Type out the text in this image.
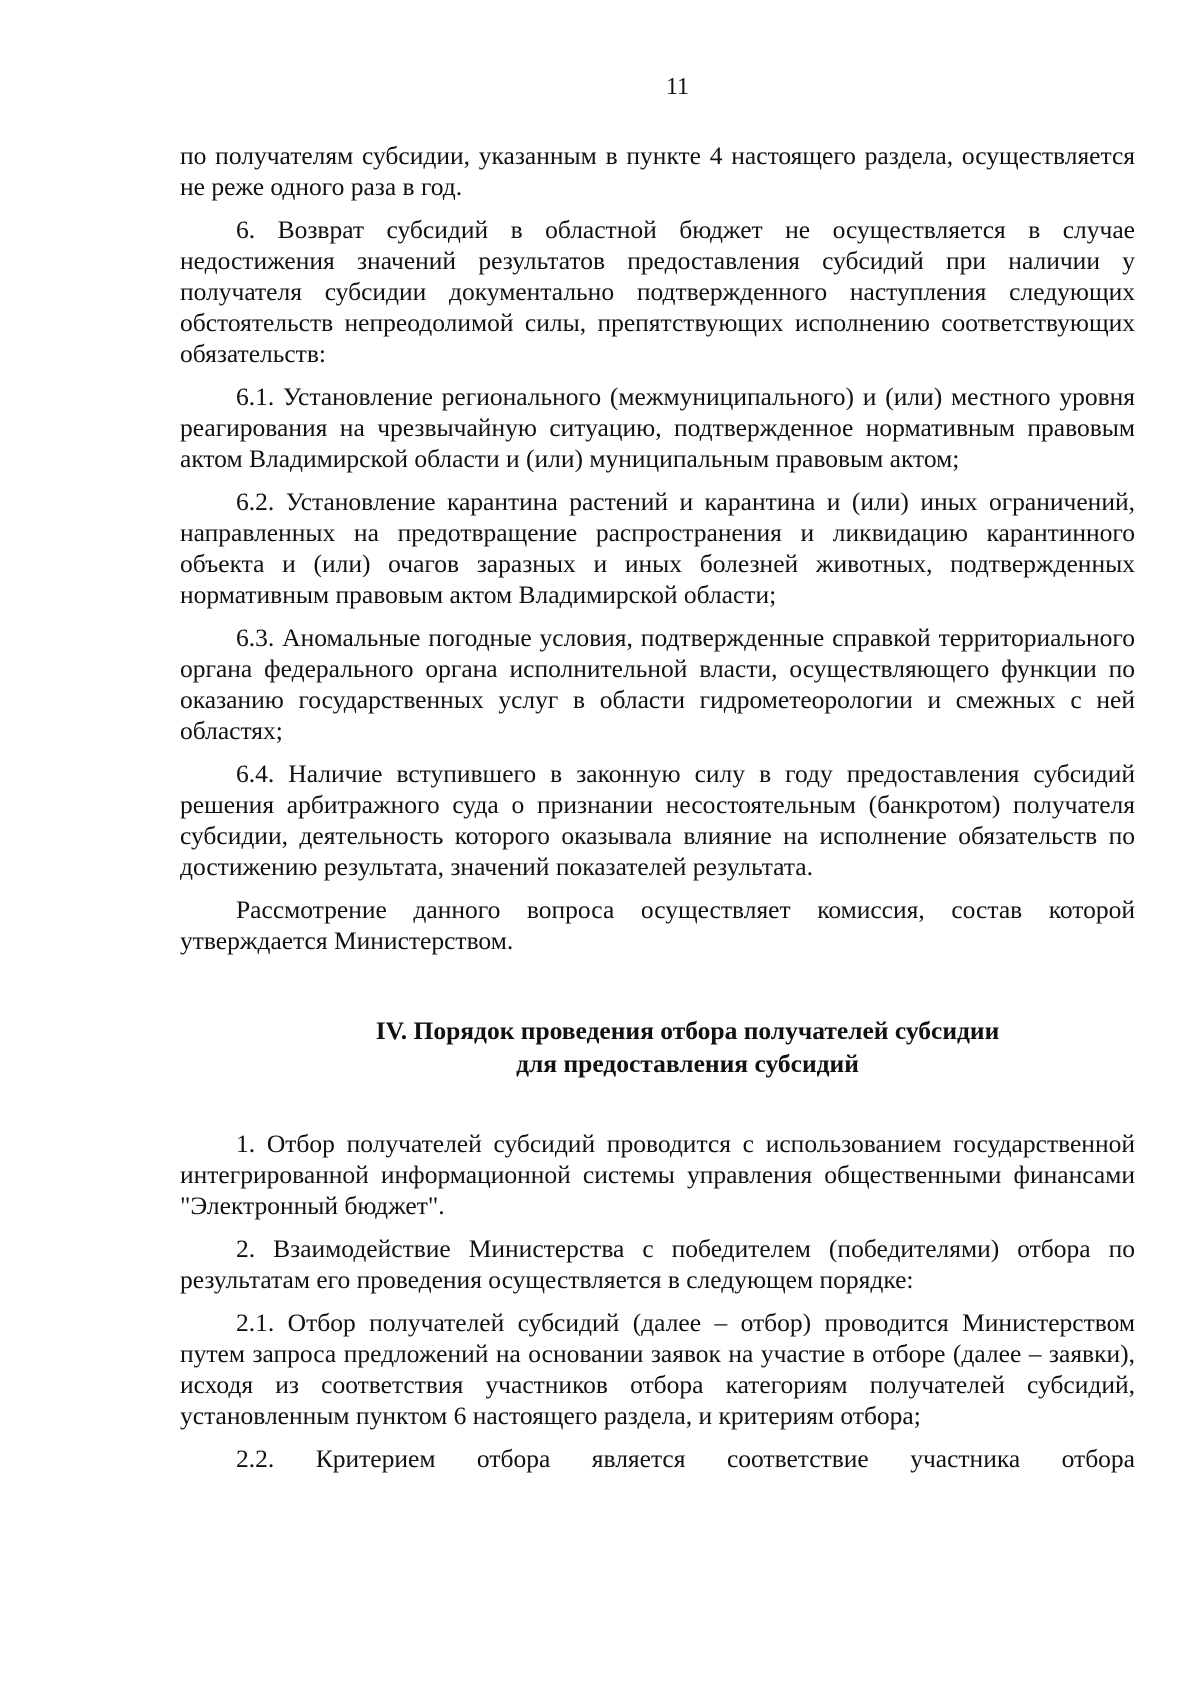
11

по получателям субсидии, указанным в пункте 4 настоящего раздела, осуществляется не реже одного раза в год.

6. Возврат субсидий в областной бюджет не осуществляется в случае недостижения значений результатов предоставления субсидий при наличии у получателя субсидии документально подтвержденного наступления следующих обстоятельств непреодолимой силы, препятствующих исполнению соответствующих обязательств:

6.1. Установление регионального (межмуниципального) и (или) местного уровня реагирования на чрезвычайную ситуацию, подтвержденное нормативным правовым актом Владимирской области и (или) муниципальным правовым актом;

6.2. Установление карантина растений и карантина и (или) иных ограничений, направленных на предотвращение распространения и ликвидацию карантинного объекта и (или) очагов заразных и иных болезней животных, подтвержденных нормативным правовым актом Владимирской области;

6.3. Аномальные погодные условия, подтвержденные справкой территориального органа федерального органа исполнительной власти, осуществляющего функции по оказанию государственных услуг в области гидрометеорологии и смежных с ней областях;

6.4. Наличие вступившего в законную силу в году предоставления субсидий решения арбитражного суда о признании несостоятельным (банкротом) получателя субсидии, деятельность которого оказывала влияние на исполнение обязательств по достижению результата, значений показателей результата.

Рассмотрение данного вопроса осуществляет комиссия, состав которой утверждается Министерством.

IV. Порядок проведения отбора получателей субсидии
для предоставления субсидий

1. Отбор получателей субсидий проводится с использованием государственной интегрированной информационной системы управления общественными финансами "Электронный бюджет".

2. Взаимодействие Министерства с победителем (победителями) отбора по результатам его проведения осуществляется в следующем порядке:

2.1. Отбор получателей субсидий (далее – отбор) проводится Министерством путем запроса предложений на основании заявок на участие в отборе (далее – заявки), исходя из соответствия участников отбора категориям получателей субсидий, установленным пунктом 6 настоящего раздела, и критериям отбора;

2.2. Критерием отбора является соответствие участника отбора
